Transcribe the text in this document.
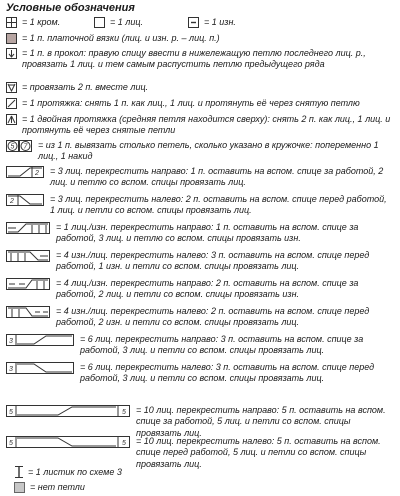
Условные обозначения
= 1 кром.	= 1 лиц.	= 1 изн.
= 1 п. платочной вязки (лиц. и изн. р. – лиц. п.)
= 1 п. в прокол: правую спицу ввести в нижележащую петлю последнего лиц. р., провязать 1 лиц. и тем самым распустить петлю предыдущего ряда
= провязать 2 п. вместе лиц.
= 1 протяжка: снять 1 п. как лиц., 1 лиц. и протянуть её через снятую петлю
= 1 двойная протяжка (средняя петля находится сверху): снять 2 п. как лиц., 1 лиц. и протянуть её через снятые петли
5 7 = из 1 п. вывязать столько петель, сколько указано в кружочке: попеременно 1 лиц., 1 накид
2 = 3 лиц. перекрестить направо: 1 п. оставить на вспом. спице за работой, 2 лиц. и петлю со вспом. спицы провязать лиц.
2	= 3 лиц. перекрестить налево: 2 п. оставить на вспом. спице перед работой, 1 лиц. и петли со вспом. спицы провязать лиц.
= 1 лиц./изн. перекрестить направо: 1 п. оставить на вспом. спице за работой, 3 лиц. и петлю со вспом. спицы провязать изн.
= 4 изн./лиц. перекрестить налево: 3 п. оставить на вспом. спице перед работой, 1 изн. и петли со вспом. спицы провязать лиц.
= 4 лиц./изн. перекрестить направо: 2 п. оставить на вспом. спице за работой, 2 лиц. и петли со вспом. спицы провязать изн.
= 4 изн./лиц. перекрестить налево: 2 п. оставить на вспом. спице перед работой, 2 изн. и петли со вспом. спицы провязать лиц.
3	= 6 лиц. перекрестить направо: 3 п. оставить на вспом. спице за работой, 3 лиц. и петли со вспом. спицы провязать лиц.
3	= 6 лиц. перекрестить налево: 3 п. оставить на вспом. спице перед работой, 3 лиц. и петли со вспом. спицы провязать лиц.
5	5 = 10 лиц. перекрестить направо: 5 п. оставить на вспом. спице за работой, 5 лиц. и петли со вспом. спицы провязать лиц.
5	5 = 10 лиц. перекрестить налево: 5 п. оставить на вспом. спице перед работой, 5 лиц. и петли со вспом. спицы провязать лиц.
= 1 листик по схеме 3
= нет петли
